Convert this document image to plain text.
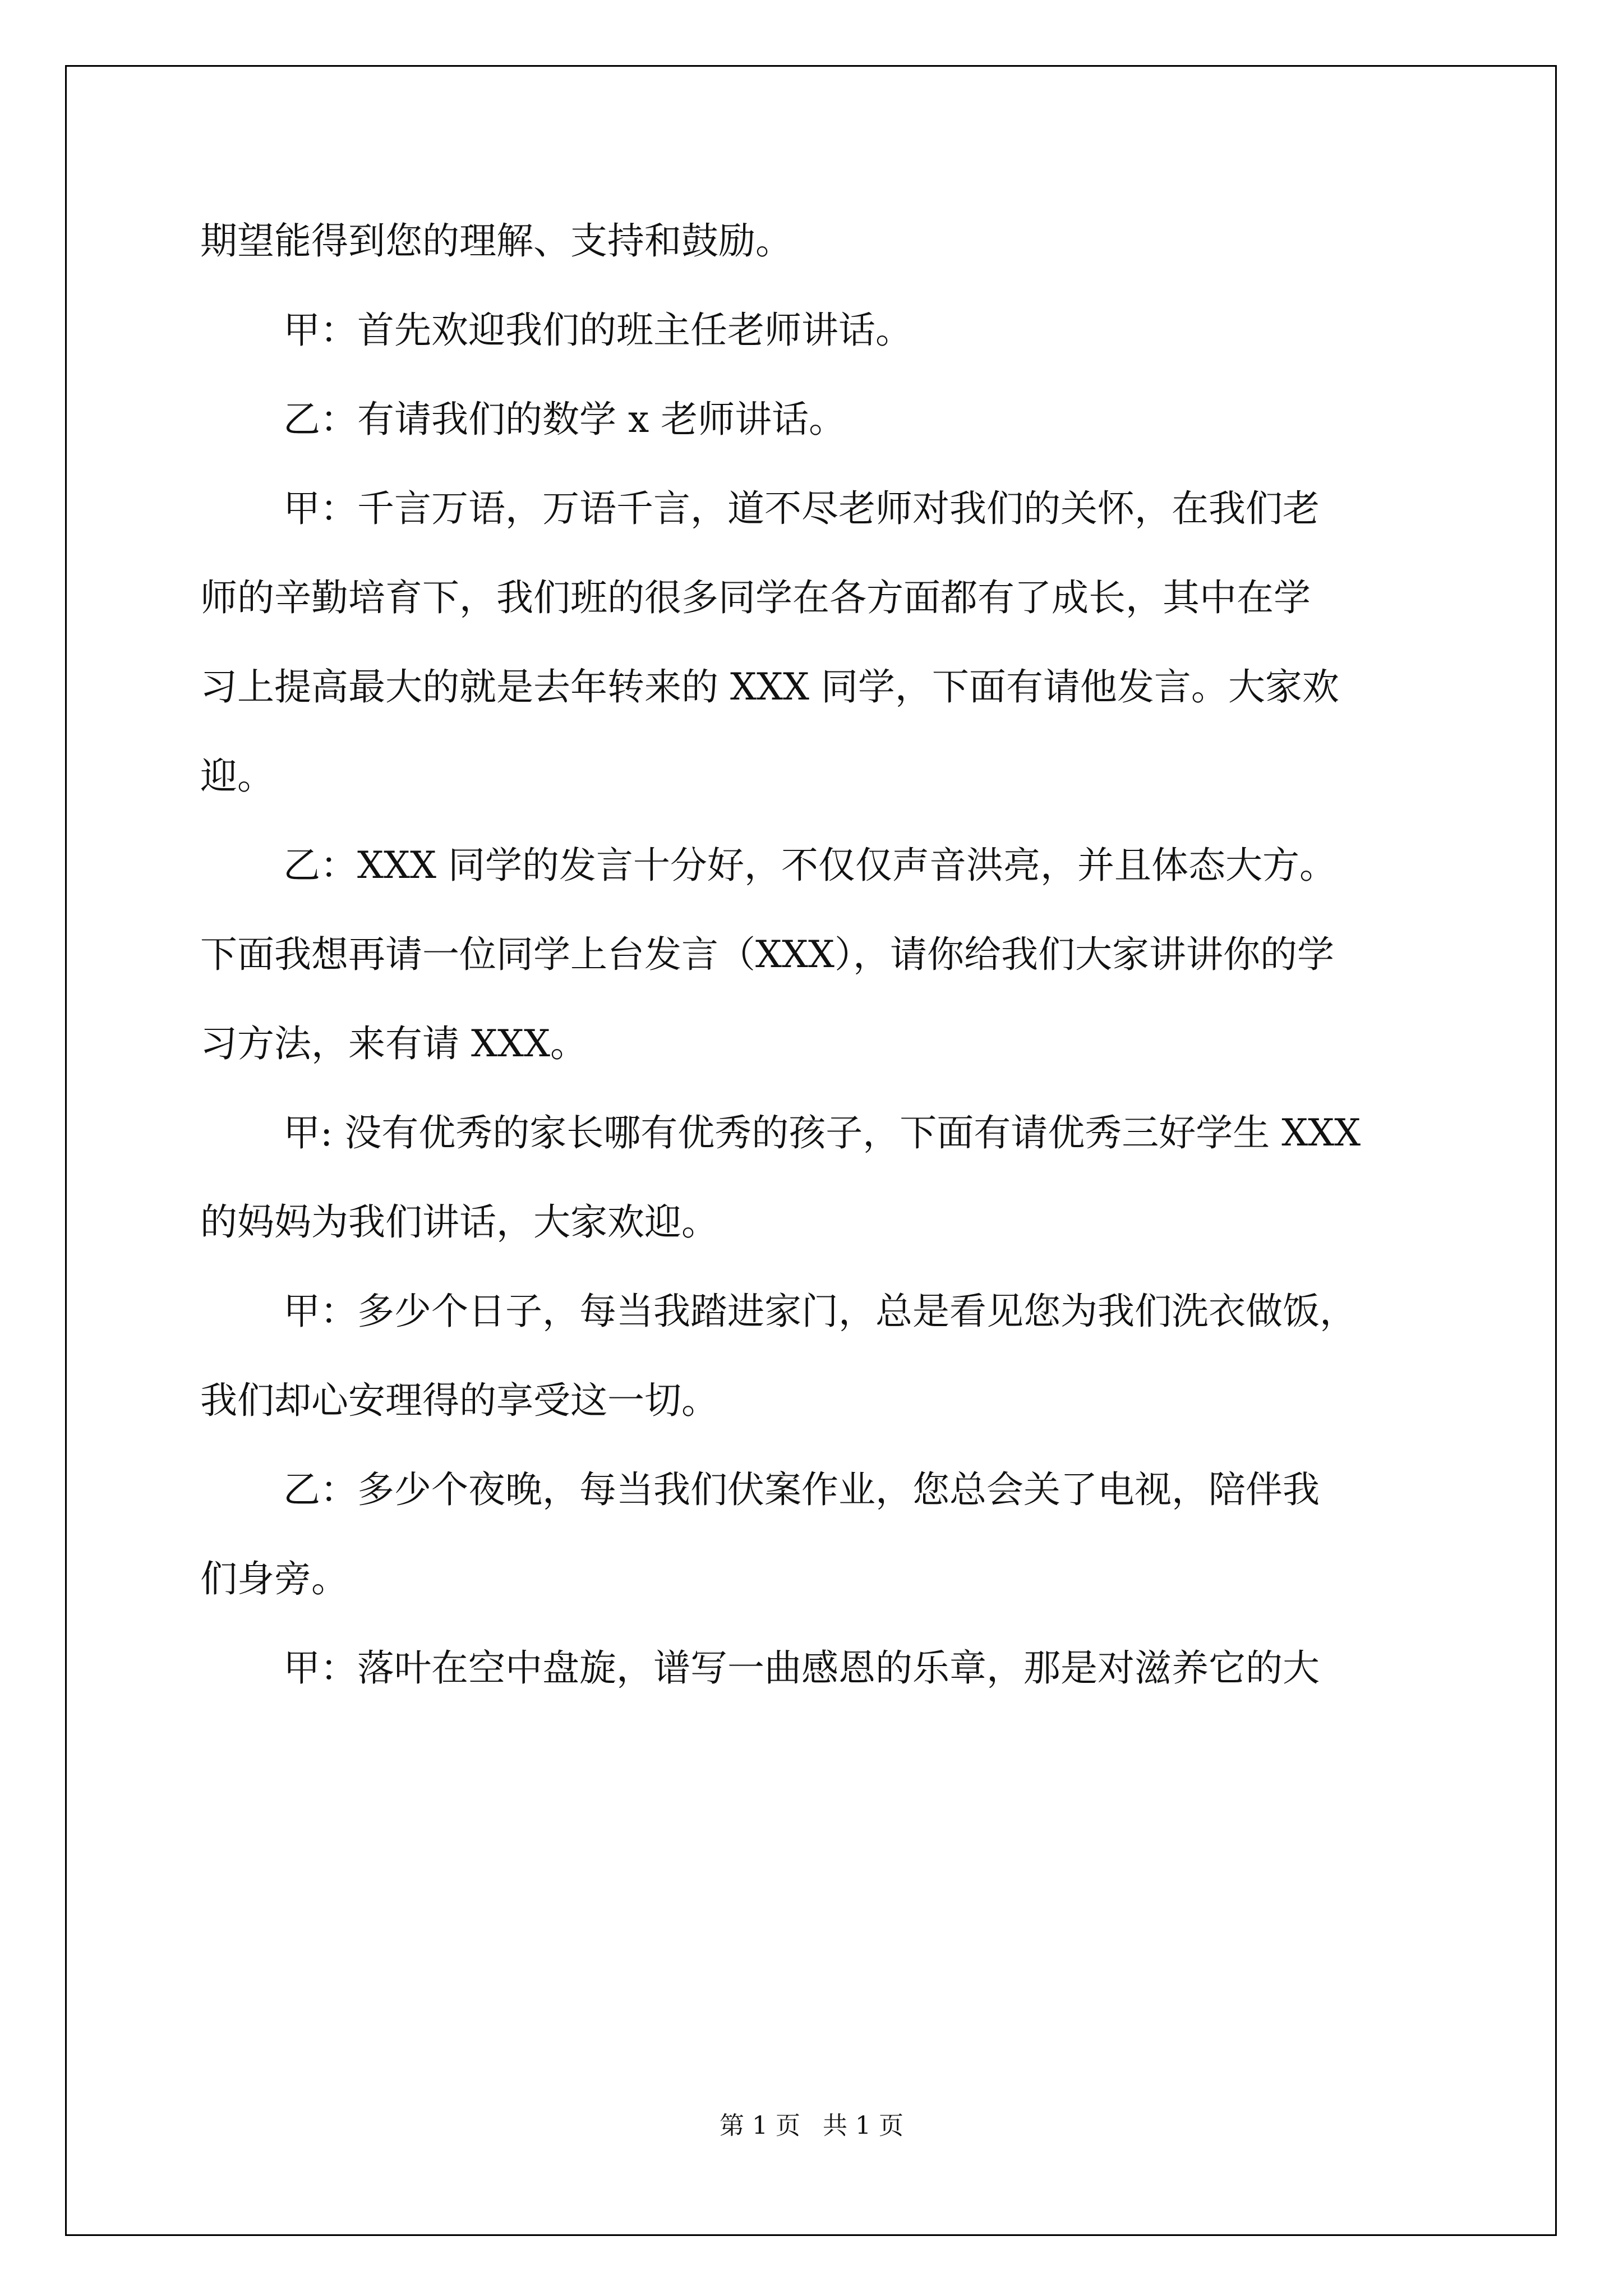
期望能得到您的理解、支持和鼓励。
甲：首先欢迎我们的班主任老师讲话。
乙：有请我们的数学 x 老师讲话。
甲：千言万语，万语千言，道不尽老师对我们的关怀，在我们老
师的辛勤培育下，我们班的很多同学在各方面都有了成长，其中在学
习上提高最大的就是去年转来的 XXX 同学，下面有请他发言。大家欢
迎。
乙：XXX 同学的发言十分好，不仅仅声音洪亮，并且体态大方。
下面我想再请一位同学上台发言（XXX），请你给我们大家讲讲你的学
习方法，来有请 XXX。
甲: 没有优秀的家长哪有优秀的孩子，下面有请优秀三好学生 XXX
的妈妈为我们讲话，大家欢迎。
甲：多少个日子，每当我踏进家门，总是看见您为我们洗衣做饭，
我们却心安理得的享受这一切。
乙：多少个夜晚，每当我们伏案作业，您总会关了电视，陪伴我
们身旁。
甲：落叶在空中盘旋，谱写一曲感恩的乐章，那是对滋养它的大
第 1 页 共 1 页
